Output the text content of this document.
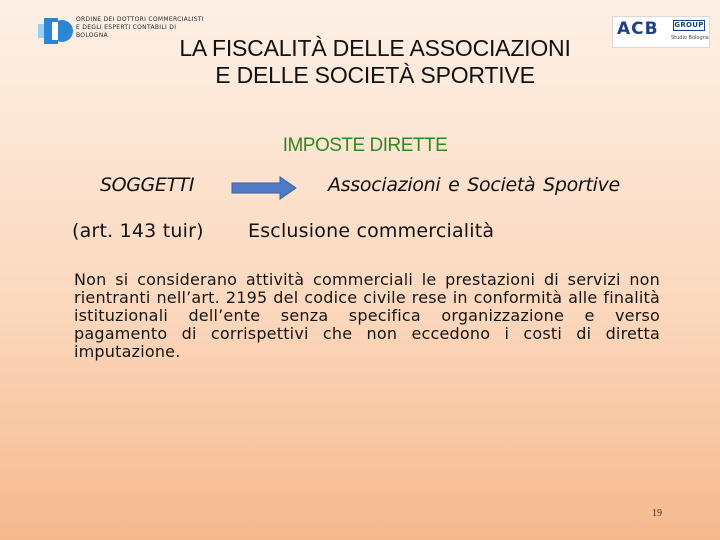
ORDINE DEI DOTTORI COMMERCIALISTI
E DEGLI ESPERTI CONTABILI DI
BOLOGNA	ACB GROUP
Studio Bologna
LA FISCALITÀ DELLE ASSOCIAZIONI
E DELLE SOCIETÀ SPORTIVE
IMPOSTE DIRETTE
SOGGETTI	Associazioni e Società Sportive
(art. 143 tuir) Esclusione commercialità
Non si considerano attività commerciali le prestazioni di servizi non rientranti nell’art. 2195 del codice civile rese in conformità alle finalità istituzionali dell’ente senza specifica organizzazione e verso pagamento di corrispettivi che non eccedono i costi di diretta imputazione.
19
